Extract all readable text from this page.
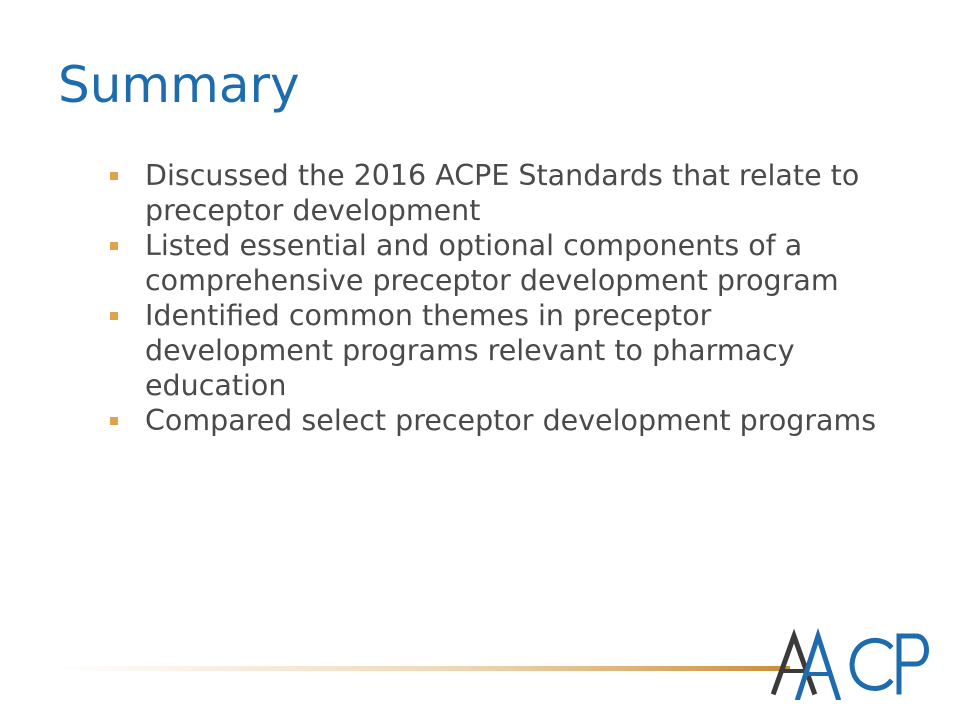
Summary
Discussed the 2016 ACPE Standards that relate to preceptor development
Listed essential and optional components of a comprehensive preceptor development program
Identified common themes in preceptor development programs relevant to pharmacy education
Compared select preceptor development programs
